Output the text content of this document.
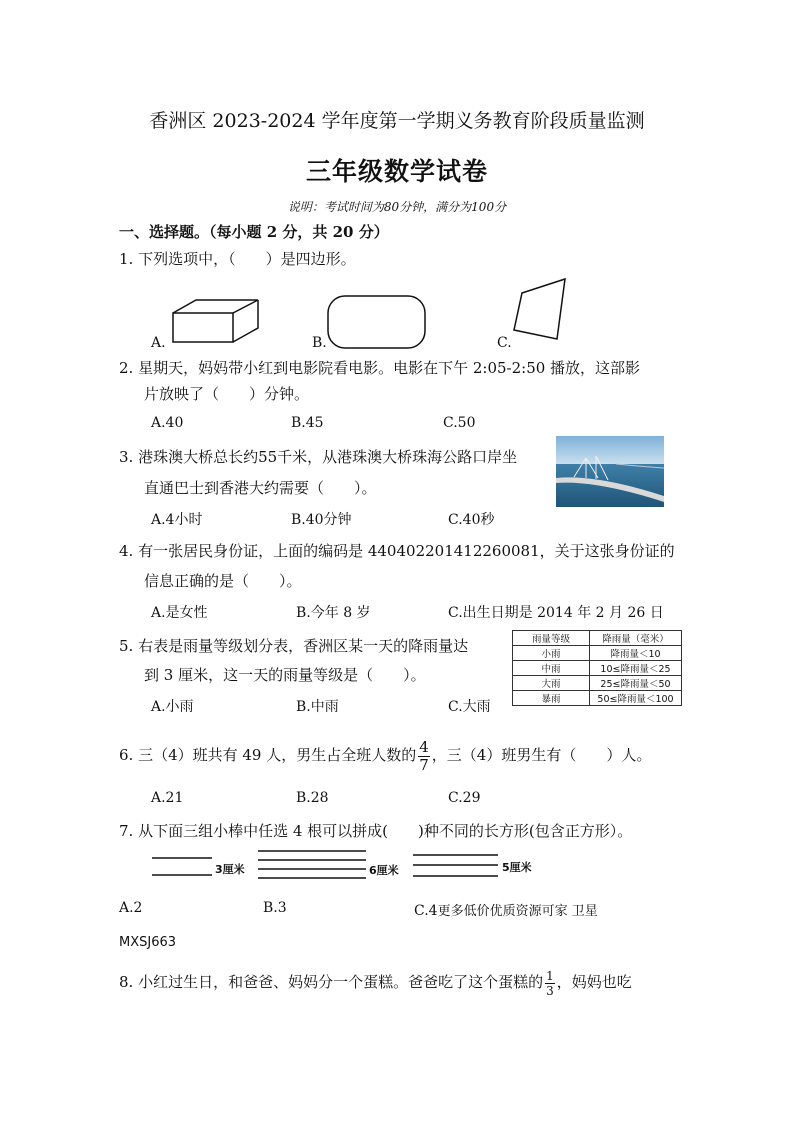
香洲区 2023-2024 学年度第一学期义务教育阶段质量监测
三年级数学试卷
说明：考试时间为80分钟，满分为100分
一、选择题。（每小题 2 分，共 20 分）
1. 下列选项中，（　　）是四边形。
A.	B.	C.
2. 星期天，妈妈带小红到电影院看电影。电影在下午 2:05-2:50 播放，这部影
片放映了（　　）分钟。
A.40	B.45	C.50
3. 港珠澳大桥总长约55千米，从港珠澳大桥珠海公路口岸坐
直通巴士到香港大约需要（　　）。
A.4小时	B.40分钟	C.40秒
4. 有一张居民身份证，上面的编码是 440402201412260081，关于这张身份证的
信息正确的是（　　）。
A.是女性	B.今年 8 岁	C.出生日期是 2014 年 2 月 26 日
5. 右表是雨量等级划分表，香洲区某一天的降雨量达
到 3 厘米，这一天的雨量等级是（　　）。
A.小雨	B.中雨	C.大雨
雨量等级	降雨量（毫米）
小雨	降雨量＜10
中雨	10≤降雨量＜25
大雨	25≤降雨量＜50
暴雨	50≤降雨量＜100
6. 三（4）班共有 49 人，男生占全班人数的 $\frac{4}{7}$ ，三（4）班男生有（　　）人。
A.21	B.28	C.29
7. 从下面三组小棒中任选 4 根可以拼成(　　)种不同的长方形(包含正方形）。
3厘米	6厘米	5厘米
A.2	B.3	C.4更多低价优质资源可家 卫星
MXSJ663
8. 小红过生日，和爸爸、妈妈分一个蛋糕。爸爸吃了这个蛋糕的 $\frac{1}{3}$ ，妈妈也吃
